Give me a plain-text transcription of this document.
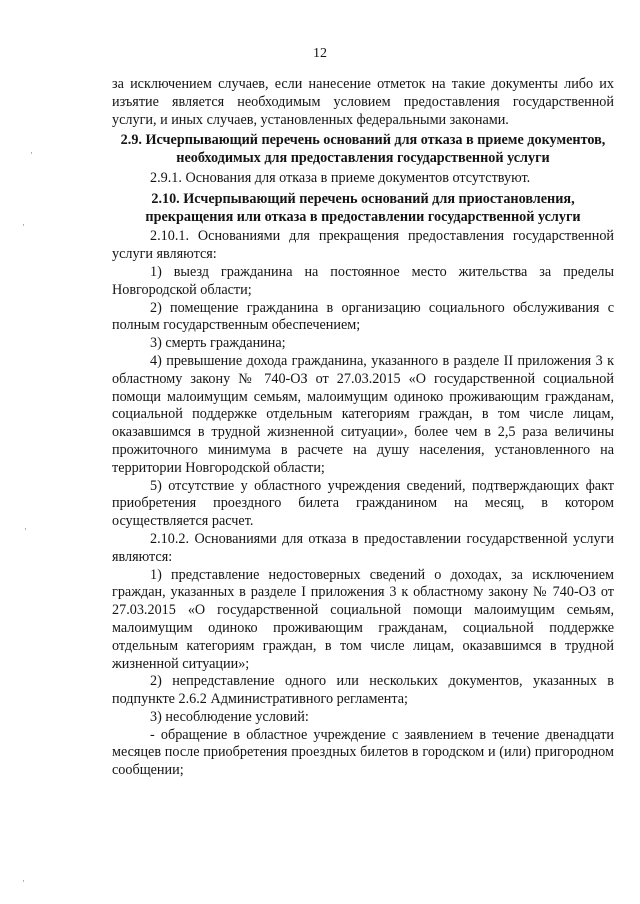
12

за исключением случаев, если нанесение отметок на такие документы либо их изъятие является необходимым условием предоставления государственной услуги, и иных случаев, установленных федеральными законами.

2.9. Исчерпывающий перечень оснований для отказа в приеме документов, необходимых для предоставления государственной услуги

2.9.1. Основания для отказа в приеме документов отсутствуют.

2.10. Исчерпывающий перечень оснований для приостановления, прекращения или отказа в предоставлении государственной услуги

2.10.1. Основаниями для прекращения предоставления государственной услуги являются:

1) выезд гражданина на постоянное место жительства за пределы Новгородской области;

2) помещение гражданина в организацию социального обслуживания с полным государственным обеспечением;

3) смерть гражданина;

4) превышение дохода гражданина, указанного в разделе II приложения 3 к областному закону № 740-ОЗ от 27.03.2015 «О государственной социальной помощи малоимущим семьям, малоимущим одиноко проживающим гражданам, социальной поддержке отдельным категориям граждан, в том числе лицам, оказавшимся в трудной жизненной ситуации», более чем в 2,5 раза величины прожиточного минимума в расчете на душу населения, установленного на территории Новгородской области;

5) отсутствие у областного учреждения сведений, подтверждающих факт приобретения проездного билета гражданином на месяц, в котором осуществляется расчет.

2.10.2. Основаниями для отказа в предоставлении государственной услуги являются:

1) представление недостоверных сведений о доходах, за исключением граждан, указанных в разделе I приложения 3 к областному закону № 740-ОЗ от 27.03.2015 «О государственной социальной помощи малоимущим семьям, малоимущим одиноко проживающим гражданам, социальной поддержке отдельным категориям граждан, в том числе лицам, оказавшимся в трудной жизненной ситуации»;

2) непредставление одного или нескольких документов, указанных в подпункте 2.6.2 Административного регламента;

3) несоблюдение условий:

- обращение в областное учреждение с заявлением в течение двенадцати месяцев после приобретения проездных билетов в городском и (или) пригородном сообщении;

·
·
·
·
